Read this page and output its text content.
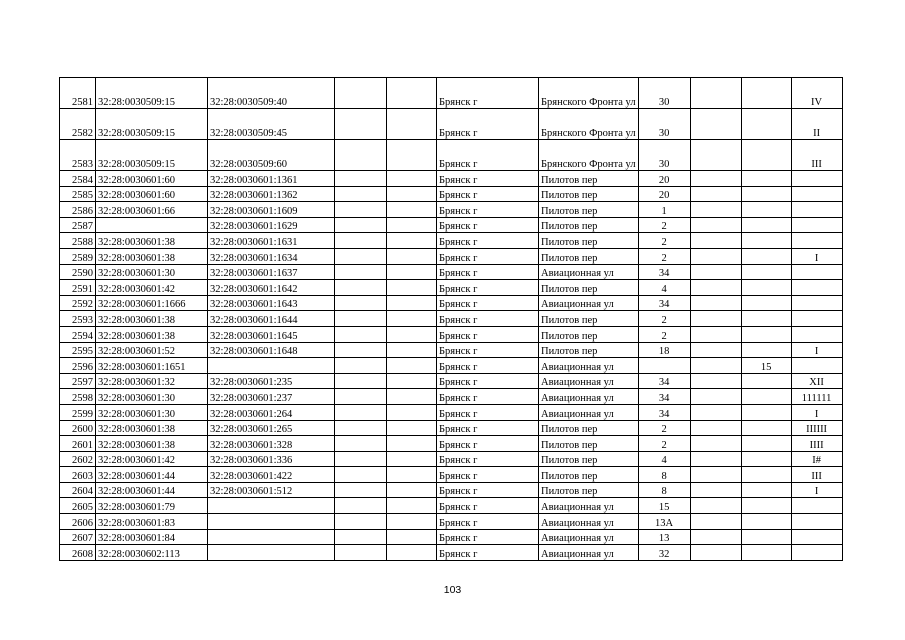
2581	32:28:0030509:15	32:28:0030509:40			Брянск г	Брянского Фронта ул	30			IV
2582	32:28:0030509:15	32:28:0030509:45			Брянск г	Брянского Фронта ул	30			II
2583	32:28:0030509:15	32:28:0030509:60			Брянск г	Брянского Фронта ул	30			III
2584	32:28:0030601:60	32:28:0030601:1361			Брянск г	Пилотов пер	20			
2585	32:28:0030601:60	32:28:0030601:1362			Брянск г	Пилотов пер	20			
2586	32:28:0030601:66	32:28:0030601:1609			Брянск г	Пилотов пер	1			
2587		32:28:0030601:1629			Брянск г	Пилотов пер	2			
2588	32:28:0030601:38	32:28:0030601:1631			Брянск г	Пилотов пер	2			
2589	32:28:0030601:38	32:28:0030601:1634			Брянск г	Пилотов пер	2			I
2590	32:28:0030601:30	32:28:0030601:1637			Брянск г	Авиационная ул	34			
2591	32:28:0030601:42	32:28:0030601:1642			Брянск г	Пилотов пер	4			
2592	32:28:0030601:1666	32:28:0030601:1643			Брянск г	Авиационная ул	34			
2593	32:28:0030601:38	32:28:0030601:1644			Брянск г	Пилотов пер	2			
2594	32:28:0030601:38	32:28:0030601:1645			Брянск г	Пилотов пер	2			
2595	32:28:0030601:52	32:28:0030601:1648			Брянск г	Пилотов пер	18			I
2596	32:28:0030601:1651				Брянск г	Авиационная ул			15	
2597	32:28:0030601:32	32:28:0030601:235			Брянск г	Авиационная ул	34			XII
2598	32:28:0030601:30	32:28:0030601:237			Брянск г	Авиационная ул	34			111111
2599	32:28:0030601:30	32:28:0030601:264			Брянск г	Авиационная ул	34			I
2600	32:28:0030601:38	32:28:0030601:265			Брянск г	Пилотов пер	2			IIIIII
2601	32:28:0030601:38	32:28:0030601:328			Брянск г	Пилотов пер	2			IIII
2602	32:28:0030601:42	32:28:0030601:336			Брянск г	Пилотов пер	4			I#
2603	32:28:0030601:44	32:28:0030601:422			Брянск г	Пилотов пер	8			III
2604	32:28:0030601:44	32:28:0030601:512			Брянск г	Пилотов пер	8			I
2605	32:28:0030601:79				Брянск г	Авиационная ул	15			
2606	32:28:0030601:83				Брянск г	Авиационная ул	13А			
2607	32:28:0030601:84				Брянск г	Авиационная ул	13			
2608	32:28:0030602:113				Брянск г	Авиационная ул	32			
103
